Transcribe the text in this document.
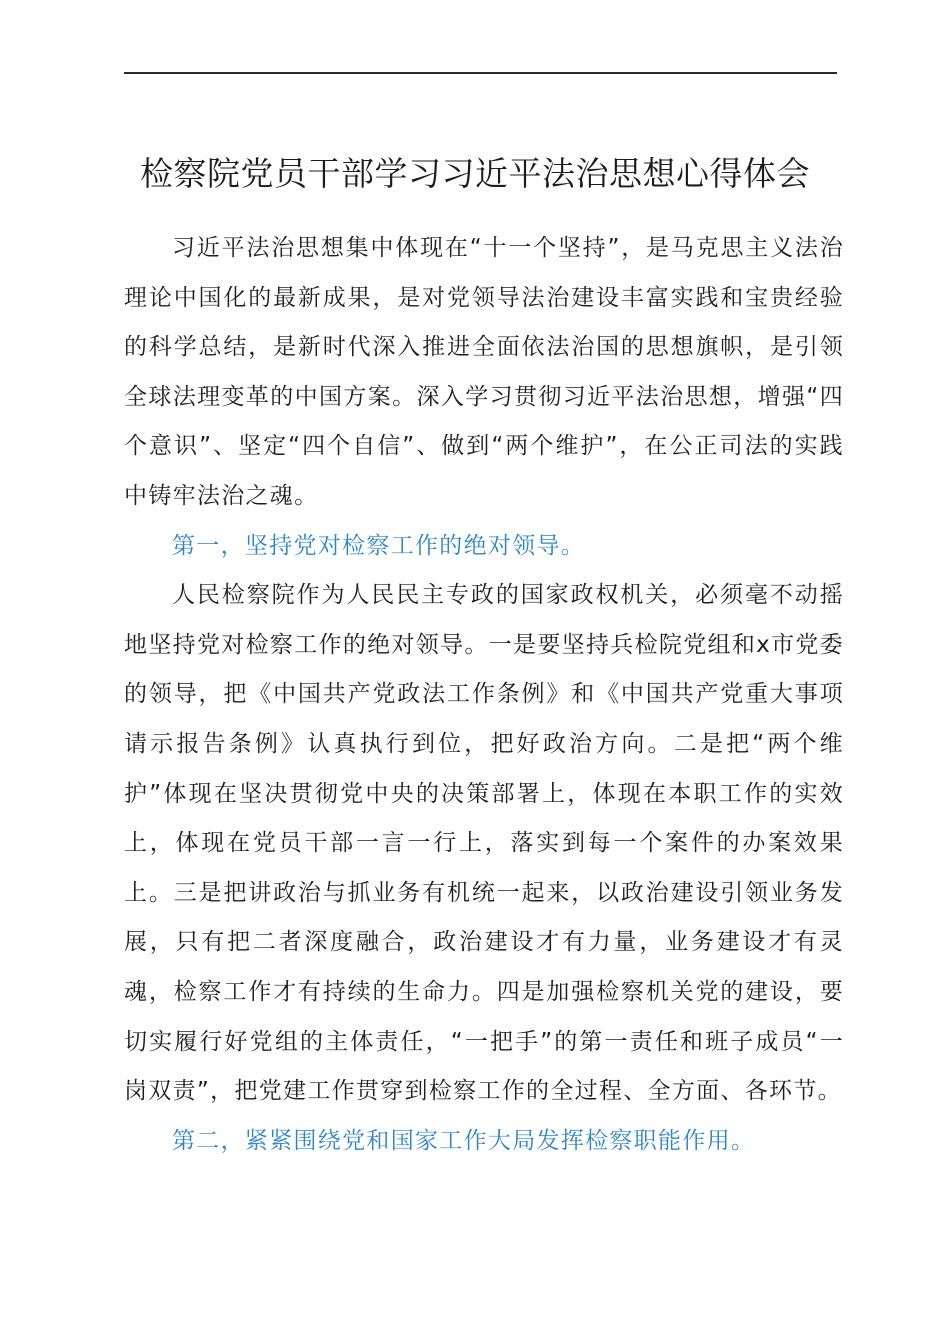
检察院党员干部学习习近平法治思想心得体会

习近平法治思想集中体现在“十一个坚持”，是马克思主义法治理论中国化的最新成果，是对党领导法治建设丰富实践和宝贵经验的科学总结，是新时代深入推进全面依法治国的思想旗帜，是引领全球法理变革的中国方案。深入学习贯彻习近平法治思想，增强“四个意识”、坚定“四个自信”、做到“两个维护”，在公正司法的实践中铸牢法治之魂。

第一，坚持党对检察工作的绝对领导。

人民检察院作为人民民主专政的国家政权机关，必须毫不动摇地坚持党对检察工作的绝对领导。一是要坚持兵检院党组和x市党委的领导，把《中国共产党政法工作条例》和《中国共产党重大事项请示报告条例》认真执行到位，把好政治方向。二是把“两个维护”体现在坚决贯彻党中央的决策部署上，体现在本职工作的实效上，体现在党员干部一言一行上，落实到每一个案件的办案效果上。三是把讲政治与抓业务有机统一起来，以政治建设引领业务发展，只有把二者深度融合，政治建设才有力量，业务建设才有灵魂，检察工作才有持续的生命力。四是加强检察机关党的建设，要切实履行好党组的主体责任，“一把手”的第一责任和班子成员“一岗双责”，把党建工作贯穿到检察工作的全过程、全方面、各环节。

第二，紧紧围绕党和国家工作大局发挥检察职能作用。
